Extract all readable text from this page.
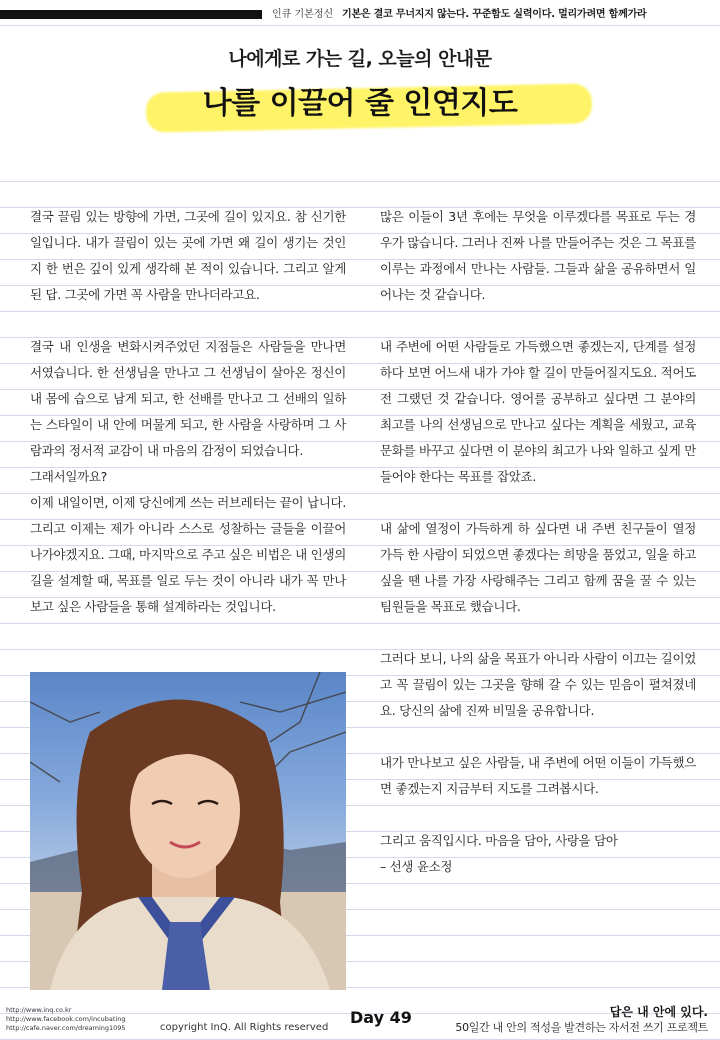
인큐 기본정신 기본은 결코 무너지지 않는다. 꾸준함도 실력이다. 멀리가려면 함께가라
나에게로 가는 길, 오늘의 안내문
나를 이끌어 줄 인연지도

결국 끌림 있는 방향에 가면, 그곳에 길이 있지요. 참 신기한 일입니다. 내가 끌림이 있는 곳에 가면 왜 길이 생기는 것인지 한 번은 깊이 있게 생각해 본 적이 있습니다. 그리고 알게 된 답. 그곳에 가면 꼭 사람을 만나더라고요.

결국 내 인생을 변화시켜주었던 지점들은 사람들을 만나면서였습니다. 한 선생님을 만나고 그 선생님이 살아온 정신이 내 몸에 습으로 남게 되고, 한 선배를 만나고 그 선배의 일하는 스타일이 내 안에 머물게 되고, 한 사람을 사랑하며 그 사람과의 정서적 교감이 내 마음의 감정이 되었습니다.

그래서일까요?

이제 내일이면, 이제 당신에게 쓰는 러브레터는 끝이 납니다. 그리고 이제는 제가 아니라 스스로 성찰하는 글들을 이끌어 나가야겠지요. 그때, 마지막으로 주고 싶은 비법은 내 인생의 길을 설계할 때, 목표를 일로 두는 것이 아니라 내가 꼭 만나보고 싶은 사람들을 통해 설계하라는 것입니다.

많은 이들이 3년 후에는 무엇을 이루겠다를 목표로 두는 경우가 많습니다. 그러나 진짜 나를 만들어주는 것은 그 목표를 이루는 과정에서 만나는 사람들. 그들과 삶을 공유하면서 일어나는 것 같습니다.

내 주변에 어떤 사람들로 가득했으면 좋겠는지, 단계를 설정하다 보면 어느새 내가 가야 할 길이 만들어질지도요. 적어도 전 그랬던 것 같습니다. 영어를 공부하고 싶다면 그 분야의 최고를 나의 선생님으로 만나고 싶다는 계획을 세웠고, 교육 문화를 바꾸고 싶다면 이 분야의 최고가 나와 일하고 싶게 만들어야 한다는 목표를 잡았죠.

내 삶에 열정이 가득하게 하 싶다면 내 주변 친구들이 열정 가득 한 사람이 되었으면 좋겠다는 희망을 품었고, 일을 하고 싶을 땐 나를 가장 사랑해주는 그리고 함께 꿈을 꿀 수 있는 팀원들을 목표로 했습니다.

그러다 보니, 나의 삶을 목표가 아니라 사람이 이끄는 길이었고 꼭 끌림이 있는 그곳을 향해 갈 수 있는 믿음이 펼쳐졌네요. 당신의 삶에 진짜 비밀을 공유합니다.

내가 만나보고 싶은 사람들, 내 주변에 어떤 이들이 가득했으면 좋겠는지 지금부터 지도를 그려봅시다.

그리고 움직입시다. 마음을 담아, 사랑을 담아

– 선생 윤소정

http://www.inq.co.kr
http://www.facebook.com/incubating
http://cafe.naver.com/dreaming1095	copyright InQ. All Rights reserved
Day 49	답은 내 안에 있다.
50일간 내 안의 적성을 발견하는 자서전 쓰기 프로젝트
